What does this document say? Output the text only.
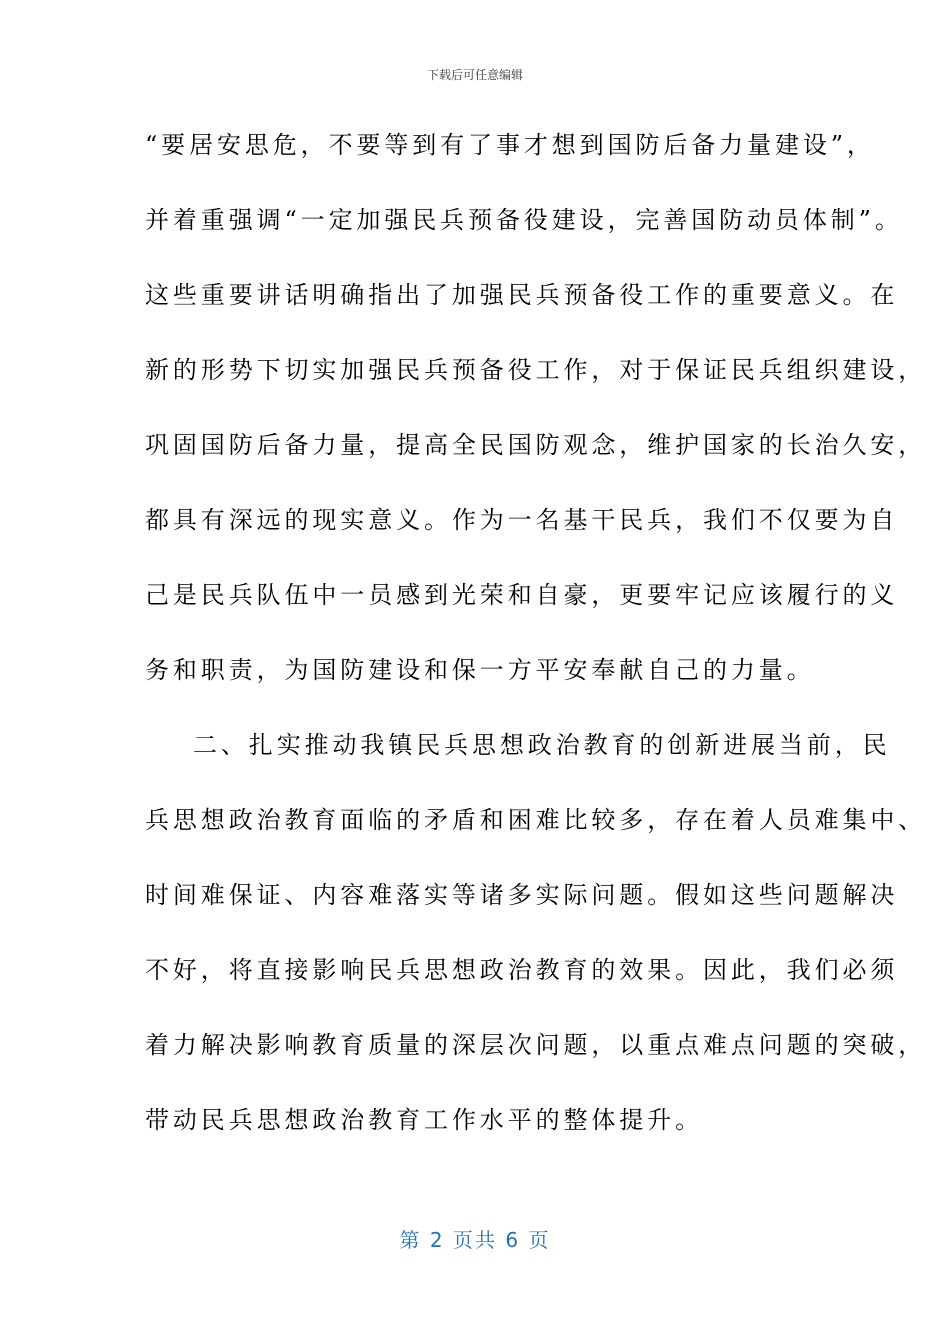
下载后可任意编辑
“要居安思危，不要等到有了事才想到国防后备力量建设”，
并着重强调“一定加强民兵预备役建设，完善国防动员体制”。
这些重要讲话明确指出了加强民兵预备役工作的重要意义。在
新的形势下切实加强民兵预备役工作，对于保证民兵组织建设，
巩固国防后备力量，提高全民国防观念，维护国家的长治久安，
都具有深远的现实意义。作为一名基干民兵，我们不仅要为自
己是民兵队伍中一员感到光荣和自豪，更要牢记应该履行的义
务和职责，为国防建设和保一方平安奉献自己的力量。
二、扎实推动我镇民兵思想政治教育的创新进展当前，民
兵思想政治教育面临的矛盾和困难比较多，存在着人员难集中、
时间难保证、内容难落实等诸多实际问题。假如这些问题解决
不好，将直接影响民兵思想政治教育的效果。因此，我们必须
着力解决影响教育质量的深层次问题，以重点难点问题的突破，
带动民兵思想政治教育工作水平的整体提升。
第 2 页共 6 页
